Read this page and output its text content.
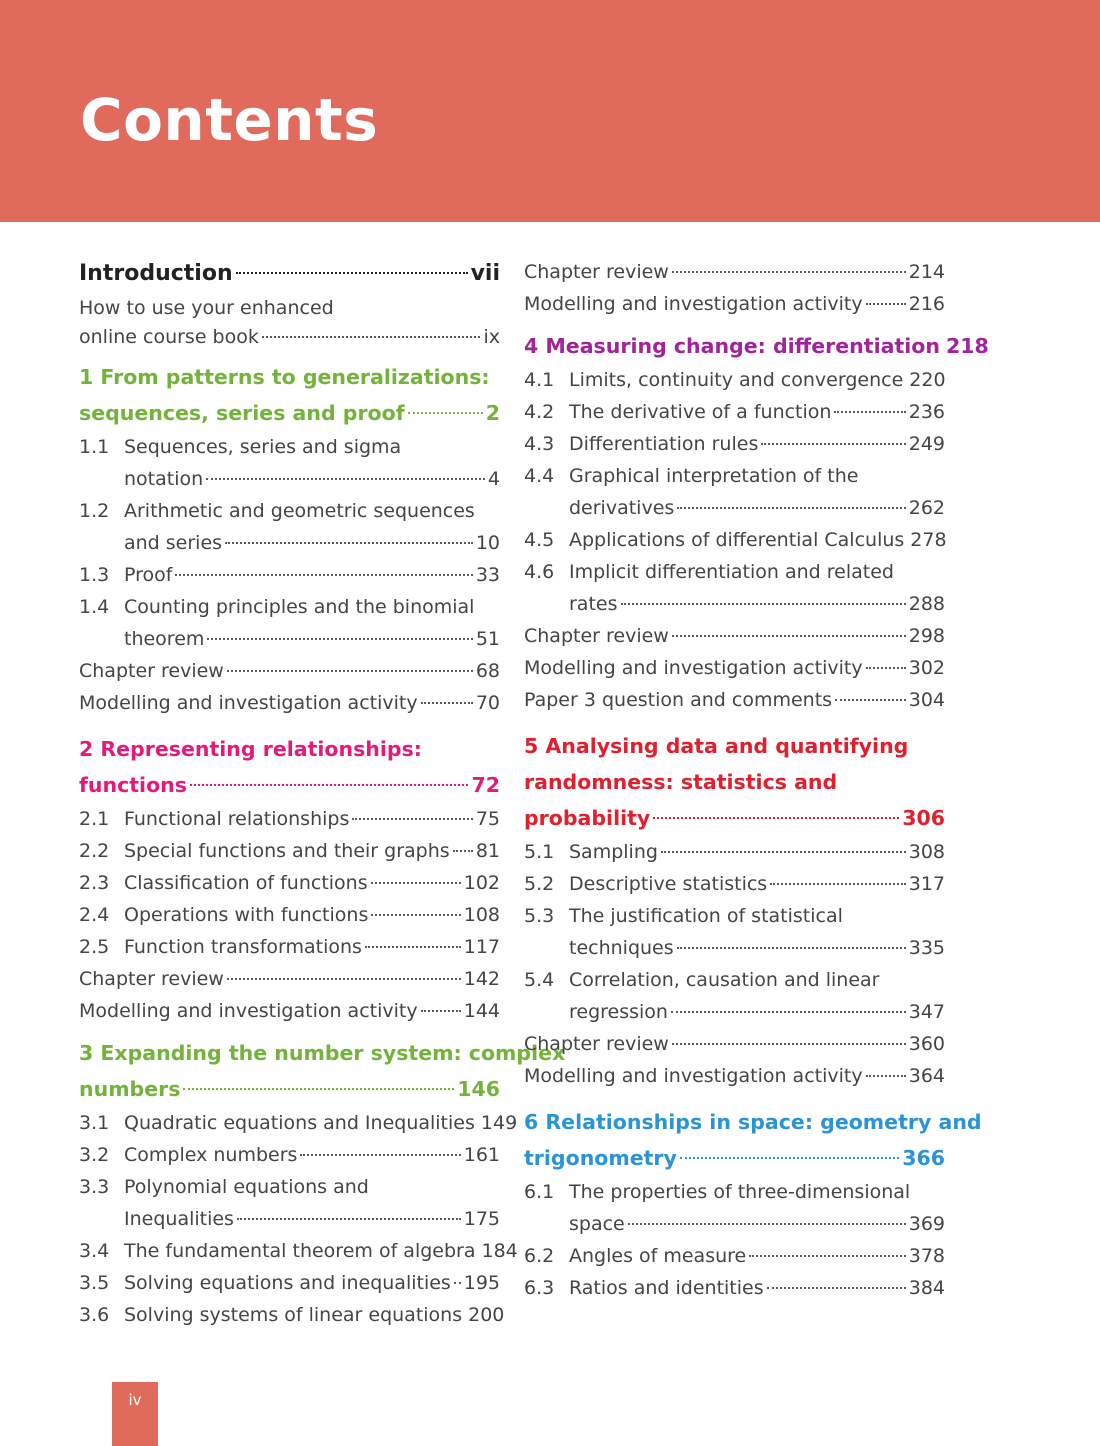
Contents
Introduction	vii
How to use your enhanced
online course book	ix
1 From patterns to generalizations:
sequences, series and proof	2
1.1 Sequences, series and sigma
notation	4
1.2 Arithmetic and geometric sequences
and series	10
1.3 Proof	33
1.4 Counting principles and the binomial
theorem	51
Chapter review	68
Modelling and investigation activity	70
2 Representing relationships:
functions	72
2.1 Functional relationships	75
2.2 Special functions and their graphs 81
2.3 Classification of functions	102
2.4 Operations with functions	108
2.5 Function transformations	117
Chapter review	142
Modelling and investigation activity 144
3 Expanding the number system: complex
numbers	146
3.1 Quadratic equations and Inequalities 149
3.2 Complex numbers	161
3.3 Polynomial equations and
Inequalities	175
3.4 The fundamental theorem of algebra 184
3.5 Solving equations and inequalities 195
3.6 Solving systems of linear equations 200
Chapter review	214
Modelling and investigation activity 216
4 Measuring change: differentiation 218
4.1 Limits, continuity and convergence 220
4.2 The derivative of a function	236
4.3 Differentiation rules	249
4.4 Graphical interpretation of the
derivatives	262
4.5 Applications of differential Calculus 278
4.6 Implicit differentiation and related
rates	288
Chapter review	298
Modelling and investigation activity 302
Paper 3 question and comments	304
5 Analysing data and quantifying
randomness: statistics and
probability	306
5.1 Sampling	308
5.2 Descriptive statistics	317
5.3 The justification of statistical
techniques	335
5.4 Correlation, causation and linear
regression	347
Chapter review	360
Modelling and investigation activity 364
6 Relationships in space: geometry and
trigonometry	366
6.1 The properties of three-dimensional
space	369
6.2 Angles of measure	378
6.3 Ratios and identities	384
iv
